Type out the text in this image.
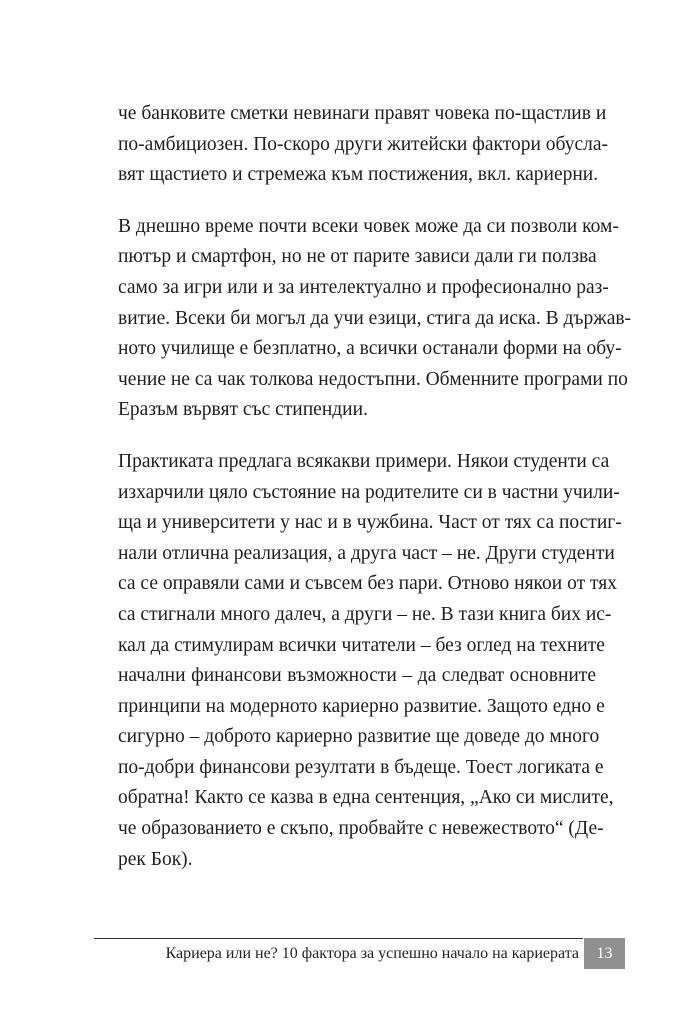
че банковите сметки невинаги правят човека по-щастлив и
по-амбициозен. По-скоро други житейски фактори обусла-
вят щастието и стремежа към постижения, вкл. кариерни.

В днешно време почти всеки човек може да си позволи ком-
пютър и смартфон, но не от парите зависи дали ги ползва
само за игри или и за интелектуално и професионално раз-
витие. Всеки би могъл да учи езици, стига да иска. В държав-
ното училище е безплатно, а всички останали форми на обу-
чение не са чак толкова недостъпни. Обменните програми по
Еразъм вървят със стипендии.

Практиката предлага всякакви примери. Някои студенти са
изхарчили цяло състояние на родителите си в частни учили-
ща и университети у нас и в чужбина. Част от тях са постиг-
нали отлична реализация, а друга част – не. Други студенти
са се оправяли сами и съвсем без пари. Отново някои от тях
са стигнали много далеч, а други – не. В тази книга бих ис-
кал да стимулирам всички читатели – без оглед на техните
начални финансови възможности – да следват основните
принципи на модерното кариерно развитие. Защото едно е
сигурно – доброто кариерно развитие ще доведе до много
по-добри финансови резултати в бъдеще. Тоест логиката е
обратна! Както се казва в една сентенция, „Ако си мислите,
че образованието е скъпо, пробвайте с невежеството“ (Де-
рек Бок).

Кариера или не? 10 фактора за успешно начало на кариерата	13
